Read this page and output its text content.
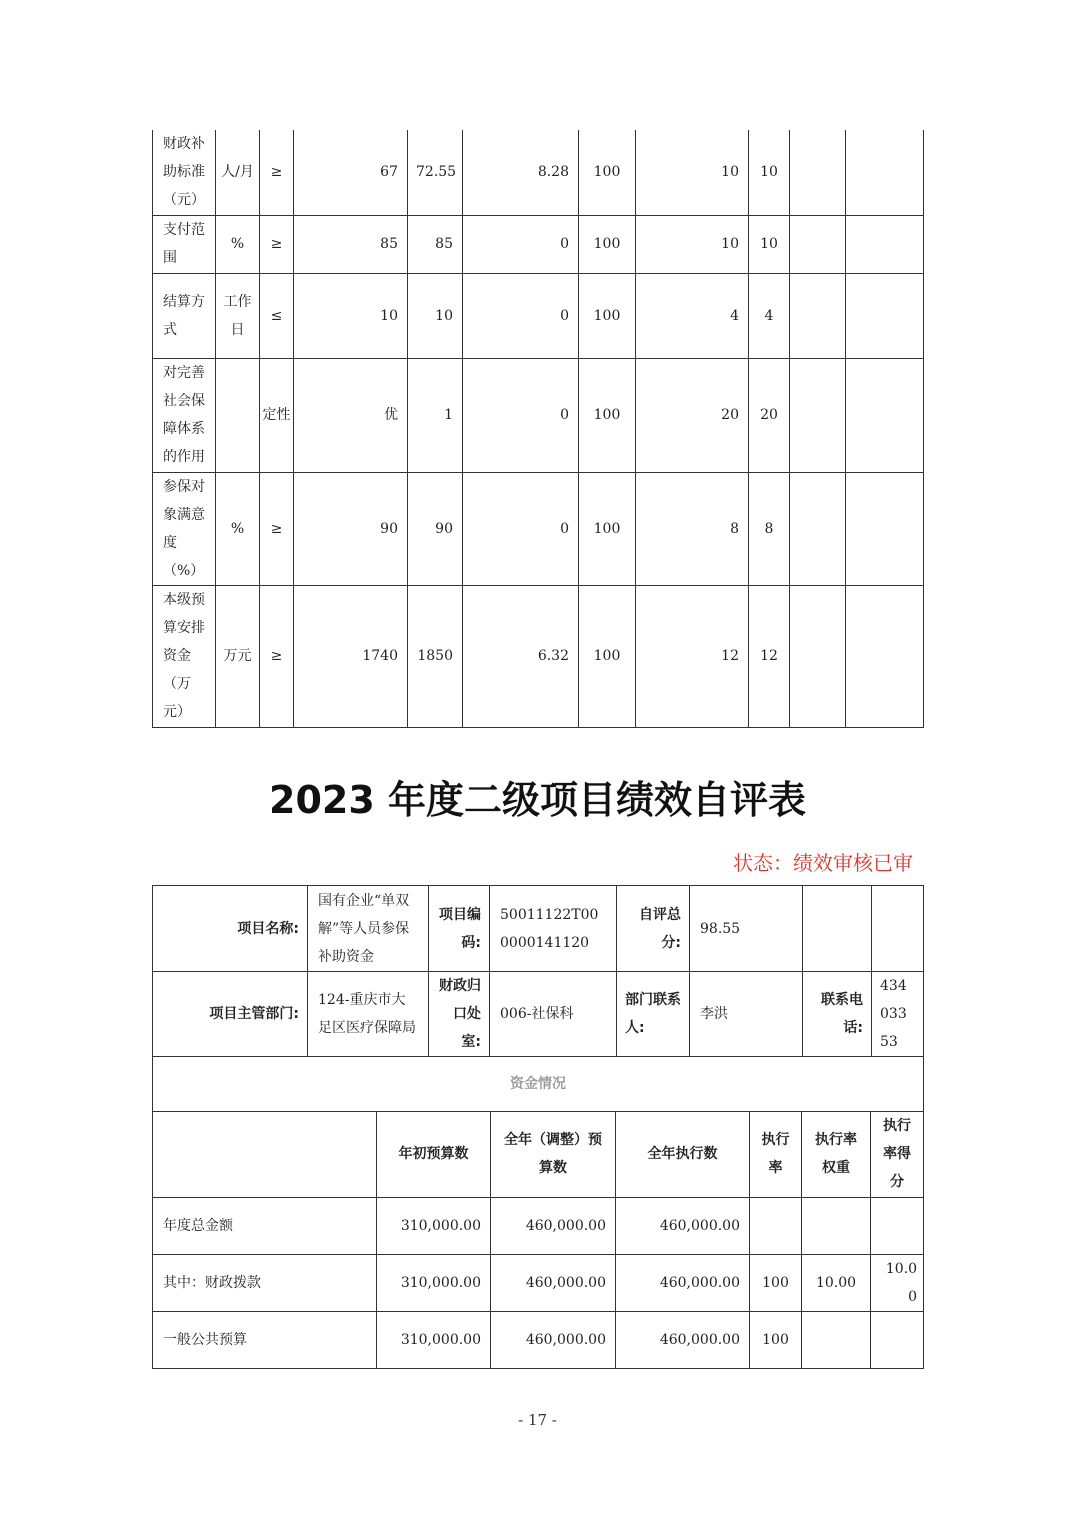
财政补助标准（元）	人/月	≥	67	72.55	8.28	100	10	10		
支付范围	%	≥	85	85	0	100	10	10		
结算方式	工作日	≤	10	10	0	100	4	4		
对完善社会保障体系的作用		定性	优	1	0	100	20	20		
参保对象满意度（%）	%	≥	90	90	0	100	8	8		
本级预算安排资金（万元）	万元	≥	1740	1850	6.32	100	12	12		
2023 年度二级项目绩效自评表
状态：绩效审核已审
项目名称:	国有企业“单双解”等人员参保补助资金	项目编码:	50011122T000000141120	自评总分:	98.55		
项目主管部门:	124-重庆市大足区医疗保障局	财政归口处室:	006-社保科	部门联系人:	李洪	联系电话:	43403353
资金情况							
	年初预算数	全年（调整）预算数	全年执行数	执行率	执行率权重	执行率得分
年度总金额	310,000.00	460,000.00	460,000.00			
其中：财政拨款	310,000.00	460,000.00	460,000.00	100	10.00	10.00
一般公共预算	310,000.00	460,000.00	460,000.00	100		
- 17 -
